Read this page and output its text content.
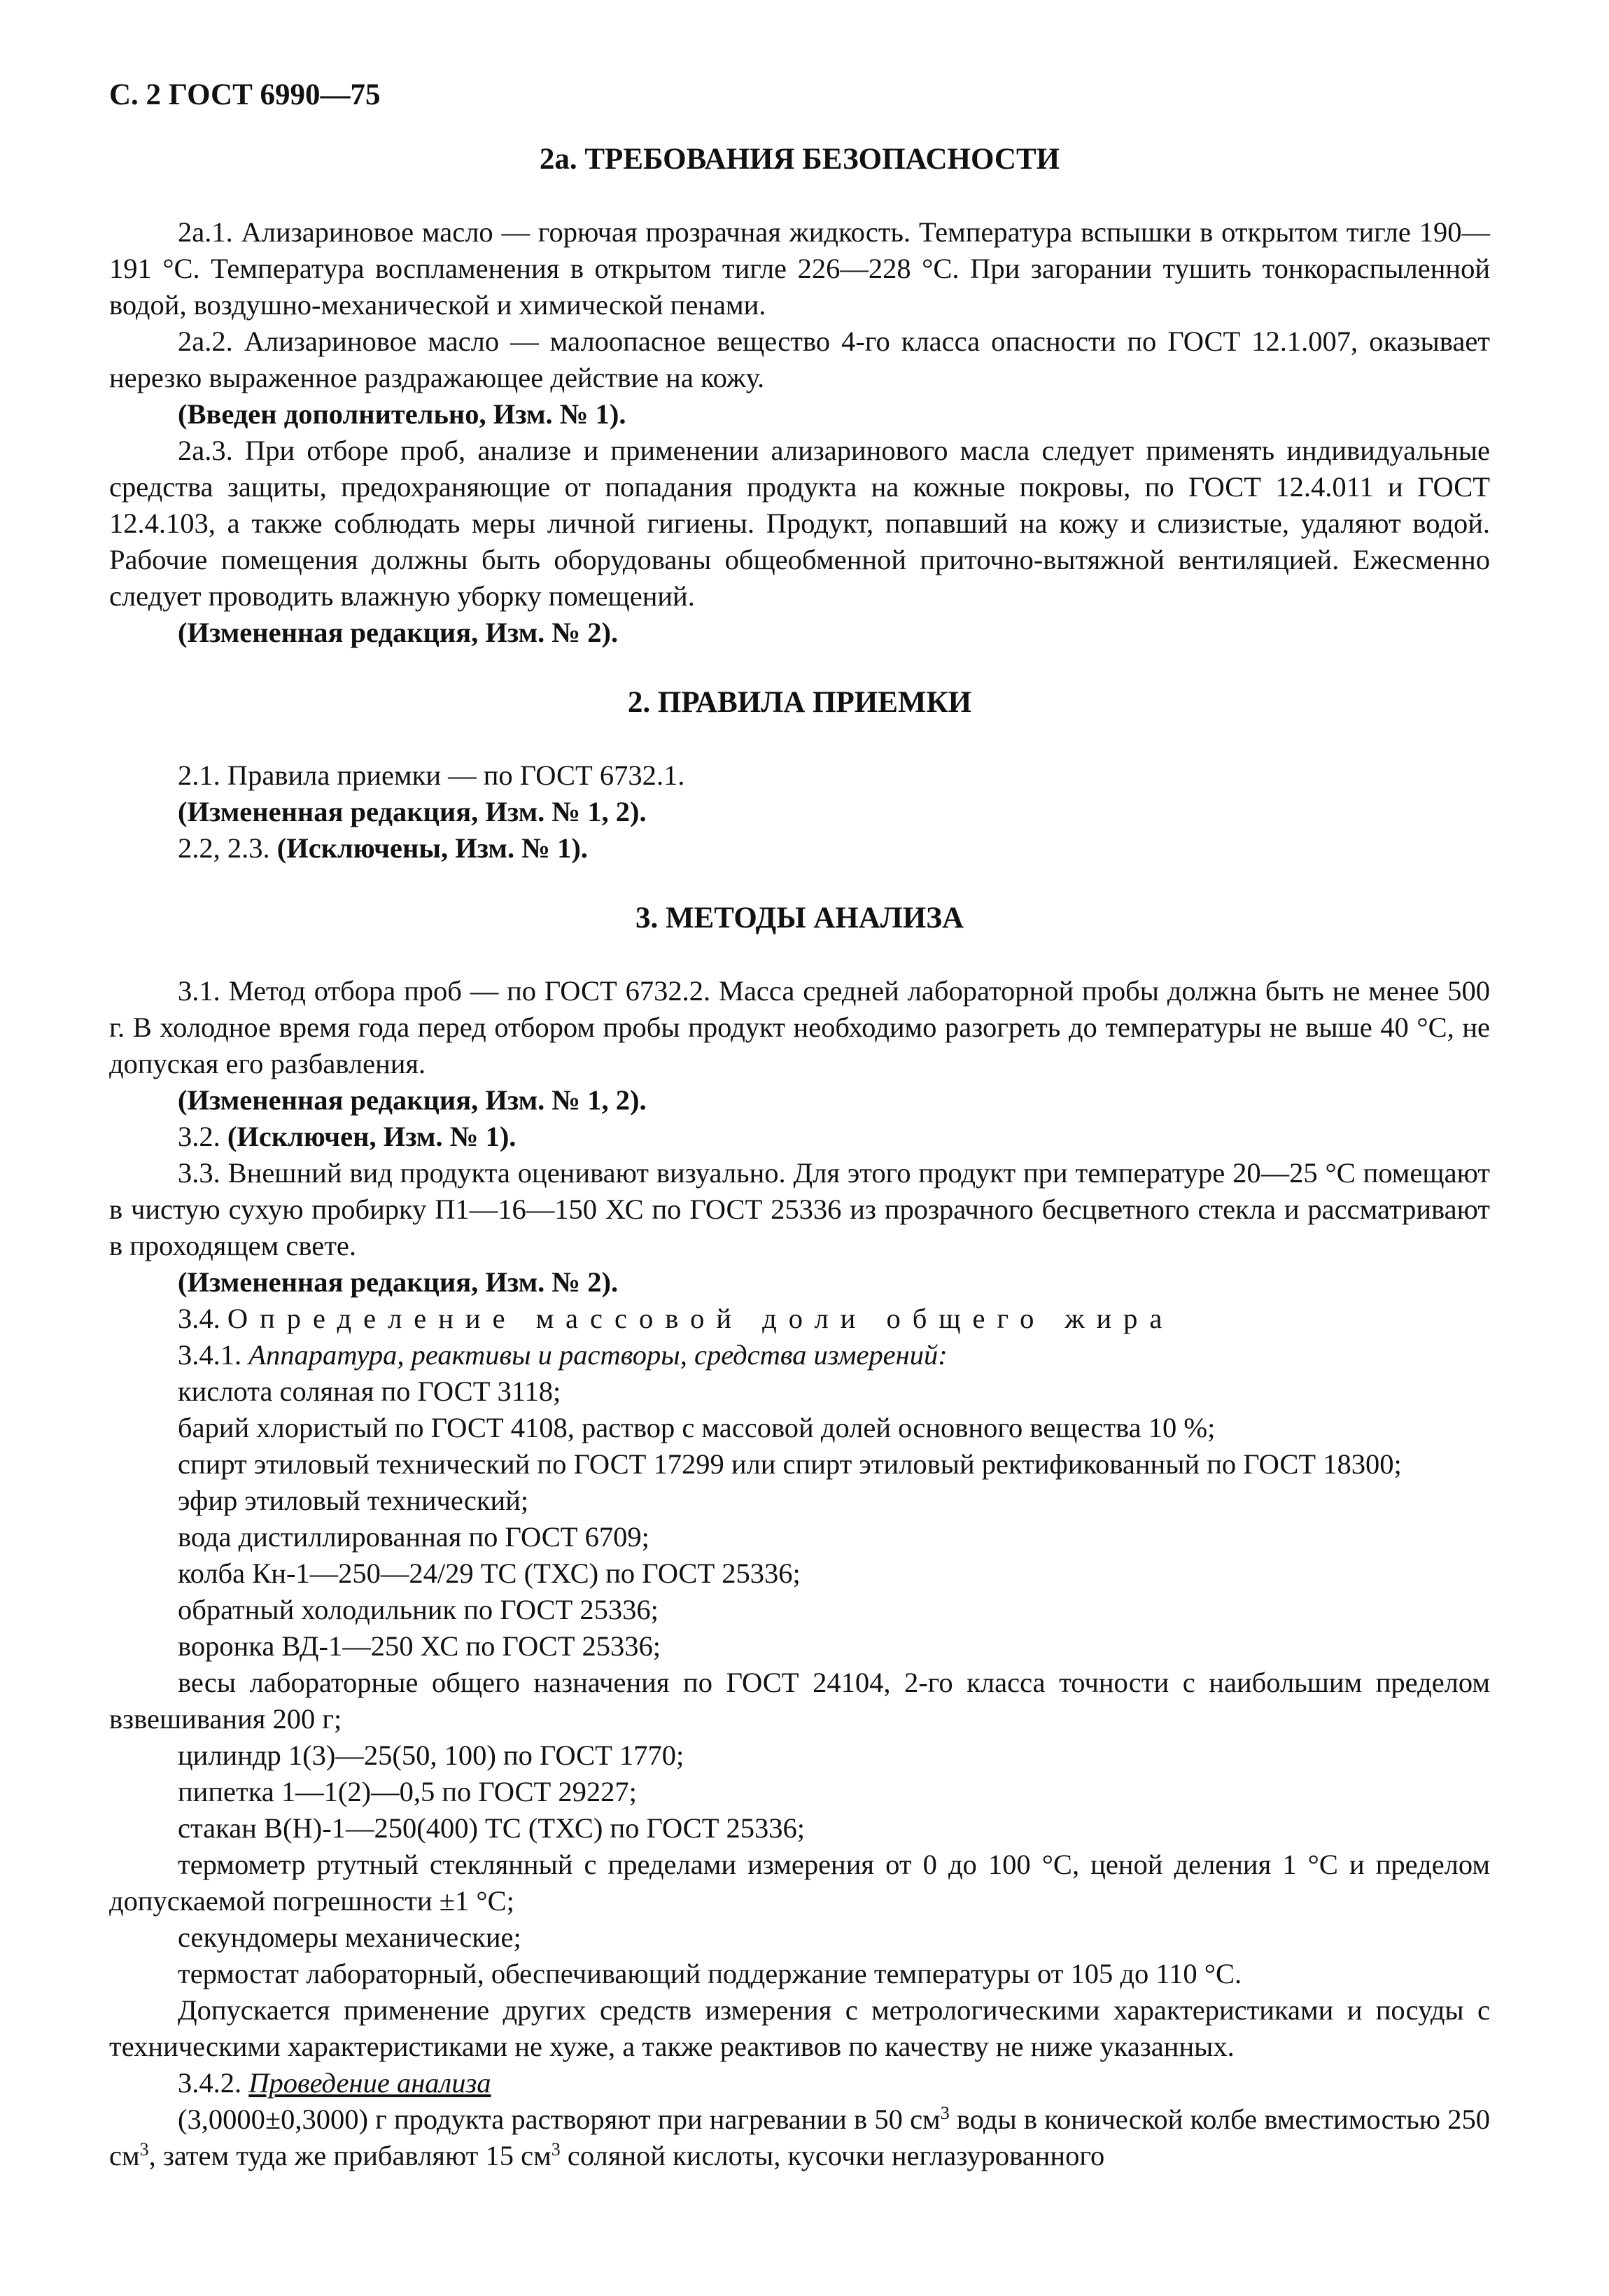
С. 2 ГОСТ 6990—75
2а. ТРЕБОВАНИЯ БЕЗОПАСНОСТИ

2а.1. Ализариновое масло — горючая прозрачная жидкость. Температура вспышки в открытом тигле 190—191 °С. Температура воспламенения в открытом тигле 226—228 °С. При загорании тушить тонкораспыленной водой, воздушно-механической и химической пенами.

2а.2. Ализариновое масло — малоопасное вещество 4-го класса опасности по ГОСТ 12.1.007, оказывает нерезко выраженное раздражающее действие на кожу.

(Введен дополнительно, Изм. № 1).

2а.3. При отборе проб, анализе и применении ализаринового масла следует применять индивидуальные средства защиты, предохраняющие от попадания продукта на кожные покровы, по ГОСТ 12.4.011 и ГОСТ 12.4.103, а также соблюдать меры личной гигиены. Продукт, попавший на кожу и слизистые, удаляют водой. Рабочие помещения должны быть оборудованы общеобменной приточно-вытяжной вентиляцией. Ежесменно следует проводить влажную уборку помещений.

(Измененная редакция, Изм. № 2).

2. ПРАВИЛА ПРИЕМКИ

2.1. Правила приемки — по ГОСТ 6732.1.

(Измененная редакция, Изм. № 1, 2).

2.2, 2.3. (Исключены, Изм. № 1).

3. МЕТОДЫ АНАЛИЗА

3.1. Метод отбора проб — по ГОСТ 6732.2. Масса средней лабораторной пробы должна быть не менее 500 г. В холодное время года перед отбором пробы продукт необходимо разогреть до температуры не выше 40 °С, не допуская его разбавления.

(Измененная редакция, Изм. № 1, 2).

3.2. (Исключен, Изм. № 1).

3.3. Внешний вид продукта оценивают визуально. Для этого продукт при температуре 20—25 °С помещают в чистую сухую пробирку П1—16—150 ХС по ГОСТ 25336 из прозрачного бесцветного стекла и рассматривают в проходящем свете.

(Измененная редакция, Изм. № 2).

3.4. Определение массовой доли общего жира

3.4.1. Аппаратура, реактивы и растворы, средства измерений:

кислота соляная по ГОСТ 3118;

барий хлористый по ГОСТ 4108, раствор с массовой долей основного вещества 10 %;

спирт этиловый технический по ГОСТ 17299 или спирт этиловый ректификованный по ГОСТ 18300;

эфир этиловый технический;

вода дистиллированная по ГОСТ 6709;

колба Кн-1—250—24/29 ТС (ТХС) по ГОСТ 25336;

обратный холодильник по ГОСТ 25336;

воронка ВД-1—250 ХС по ГОСТ 25336;

весы лабораторные общего назначения по ГОСТ 24104, 2-го класса точности с наибольшим пределом взвешивания 200 г;

цилиндр 1(3)—25(50, 100) по ГОСТ 1770;

пипетка 1—1(2)—0,5 по ГОСТ 29227;

стакан В(Н)-1—250(400) ТС (ТХС) по ГОСТ 25336;

термометр ртутный стеклянный с пределами измерения от 0 до 100 °С, ценой деления 1 °С и пределом допускаемой погрешности ±1 °С;

секундомеры механические;

термостат лабораторный, обеспечивающий поддержание температуры от 105 до 110 °С.

Допускается применение других средств измерения с метрологическими характеристиками и посуды с техническими характеристиками не хуже, а также реактивов по качеству не ниже указанных.

3.4.2. Проведение анализа

(3,0000±0,3000) г продукта растворяют при нагревании в 50 $см^3$ воды в конической колбе вместимостью 250 $см^3$, затем туда же прибавляют 15 $см^3$ соляной кислоты, кусочки неглазурованного
